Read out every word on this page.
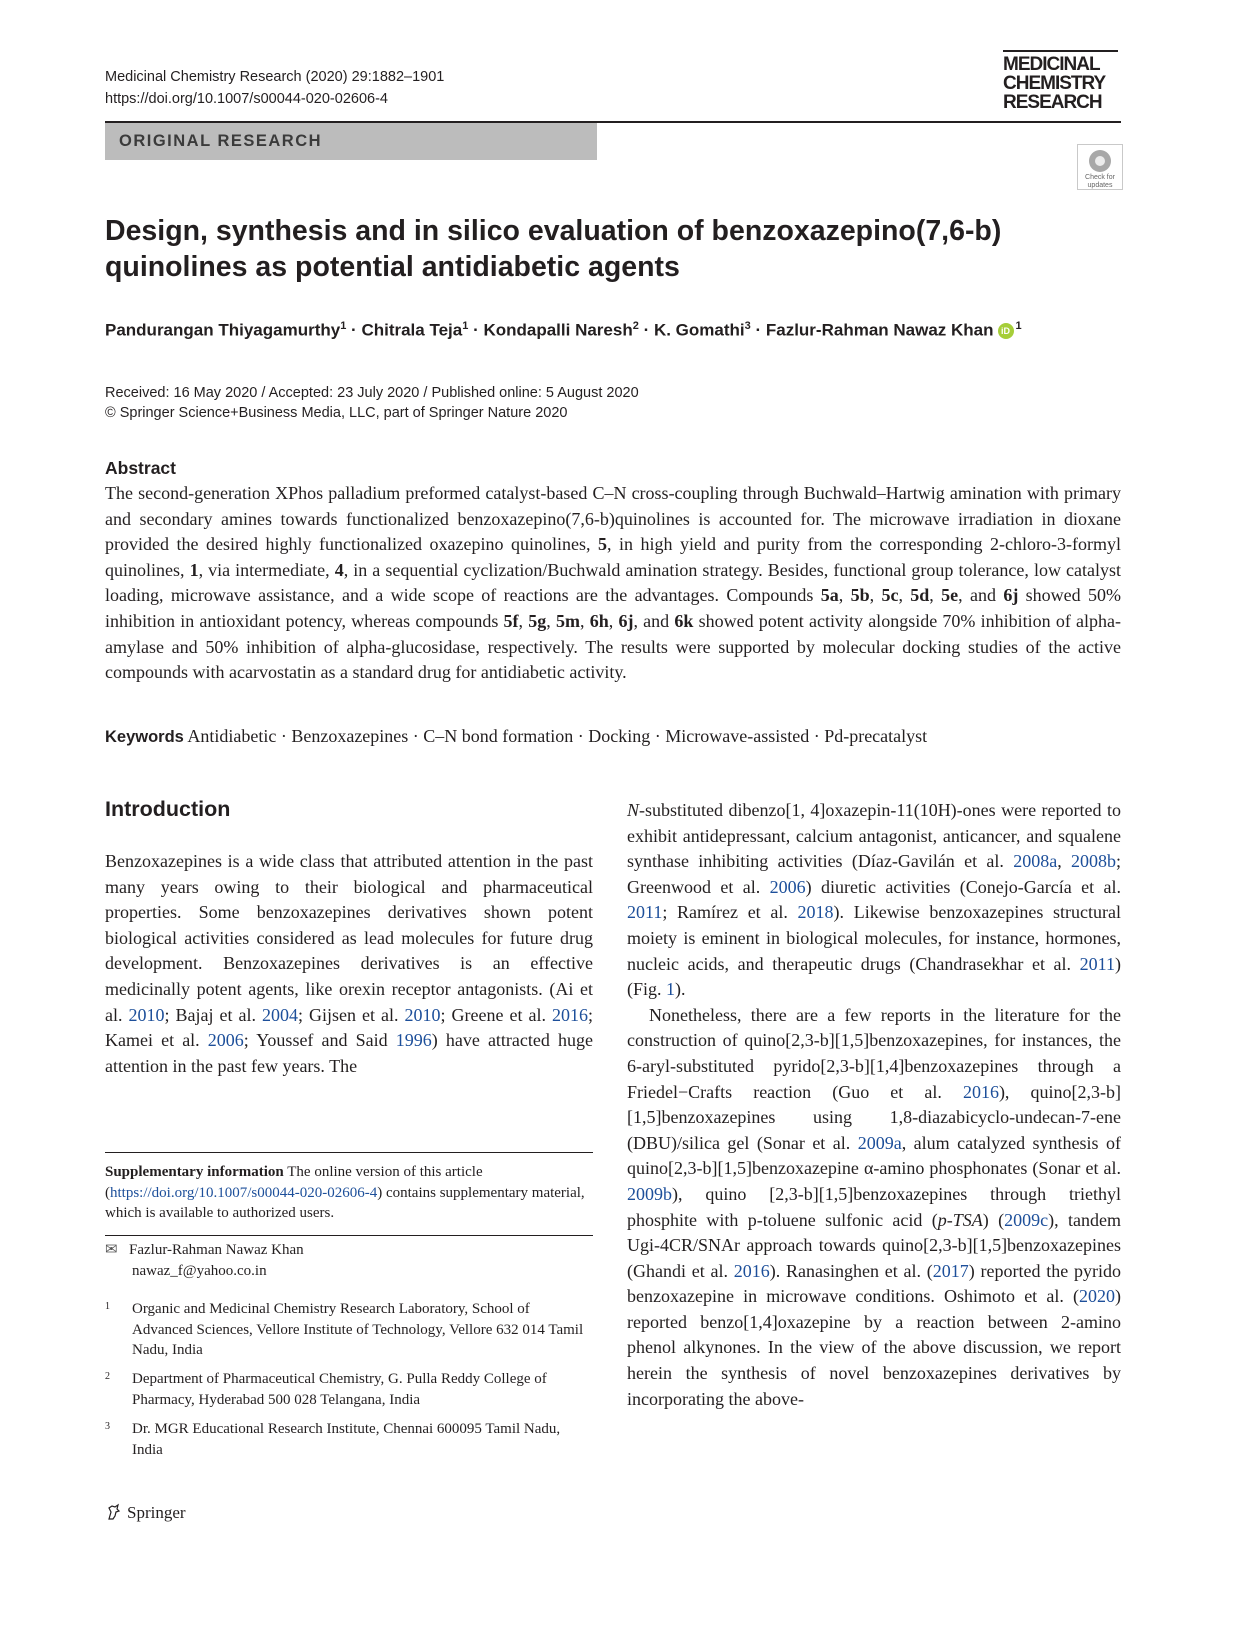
Medicinal Chemistry Research (2020) 29:1882–1901
https://doi.org/10.1007/s00044-020-02606-4
MEDICINAL
CHEMISTRY
RESEARCH
ORIGINAL RESEARCH
Check for
updates
Design, synthesis and in silico evaluation of benzoxazepino(7,6-b)
quinolines as potential antidiabetic agents
Pandurangan Thiyagamurthy$^1$ · Chitrala Teja$^1$ · Kondapalli Naresh$^2$ · K. Gomathi$^3$ · Fazlur-Rahman Nawaz Khan iD $^1$
Received: 16 May 2020 / Accepted: 23 July 2020 / Published online: 5 August 2020
© Springer Science+Business Media, LLC, part of Springer Nature 2020
Abstract

The second-generation XPhos palladium preformed catalyst-based C–N cross-coupling through Buchwald–Hartwig amination with primary and secondary amines towards functionalized benzoxazepino(7,6-b)quinolines is accounted for. The microwave irradiation in dioxane provided the desired highly functionalized oxazepino quinolines, 5, in high yield and purity from the corresponding 2-chloro-3-formyl quinolines, 1, via intermediate, 4, in a sequential cyclization/Buchwald amination strategy. Besides, functional group tolerance, low catalyst loading, microwave assistance, and a wide scope of reactions are the advantages. Compounds 5a, 5b, 5c, 5d, 5e, and 6j showed 50% inhibition in antioxidant potency, whereas compounds 5f, 5g, 5m, 6h, 6j, and 6k showed potent activity alongside 70% inhibition of alpha-amylase and 50% inhibition of alpha-glucosidase, respectively. The results were supported by molecular docking studies of the active compounds with acarvostatin as a standard drug for antidiabetic activity.

Keywords Antidiabetic · Benzoxazepines · C–N bond formation · Docking · Microwave-assisted · Pd-precatalyst
Introduction

Benzoxazepines is a wide class that attributed attention in the past many years owing to their biological and pharmaceutical properties. Some benzoxazepines derivatives shown potent biological activities considered as lead molecules for future drug development. Benzoxazepines derivatives is an effective medicinally potent agents, like orexin receptor antagonists. (Ai et al. 2010; Bajaj et al. 2004; Gijsen et al. 2010; Greene et al. 2016; Kamei et al. 2006; Youssef and Said 1996) have attracted huge attention in the past few years. The

N-substituted dibenzo[1, 4]oxazepin-11(10H)-ones were reported to exhibit antidepressant, calcium antagonist, anticancer, and squalene synthase inhibiting activities (Díaz-Gavilán et al. 2008a, 2008b; Greenwood et al. 2006) diuretic activities (Conejo-García et al. 2011; Ramírez et al. 2018). Likewise benzoxazepines structural moiety is eminent in biological molecules, for instance, hormones, nucleic acids, and therapeutic drugs (Chandrasekhar et al. 2011) (Fig. 1).

Nonetheless, there are a few reports in the literature for the construction of quino[2,3-b][1,5]benzoxazepines, for instances, the 6-aryl-substituted pyrido[2,3-b][1,4]benzoxazepines through a Friedel−Crafts reaction (Guo et al. 2016), quino[2,3-b][1,5]benzoxazepines using 1,8-diazabicyclo-undecan-7-ene (DBU)/silica gel (Sonar et al. 2009a, alum catalyzed synthesis of quino[2,3-b][1,5]benzoxazepine α-amino phosphonates (Sonar et al. 2009b), quino [2,3-b][1,5]benzoxazepines through triethyl phosphite with p-toluene sulfonic acid (p-TSA) (2009c), tandem Ugi-4CR/SNAr approach towards quino[2,3-b][1,5]benzoxazepines (Ghandi et al. 2016). Ranasinghen et al. (2017) reported the pyrido benzoxazepine in microwave conditions. Oshimoto et al. (2020) reported benzo[1,4]oxazepine by a reaction between 2-amino phenol alkynones. In the view of the above discussion, we report herein the synthesis of novel benzoxazepines derivatives by incorporating the above-

Supplementary information The online version of this article (https://doi.org/10.1007/s00044-020-02606-4) contains supplementary material, which is available to authorized users.
✉ Fazlur-Rahman Nawaz Khan
nawaz_f@yahoo.co.in
1	Organic and Medicinal Chemistry Research Laboratory, School of Advanced Sciences, Vellore Institute of Technology, Vellore 632 014 Tamil Nadu, India
2	Department of Pharmaceutical Chemistry, G. Pulla Reddy College of Pharmacy, Hyderabad 500 028 Telangana, India
3	Dr. MGR Educational Research Institute, Chennai 600095 Tamil Nadu, India
Springer
